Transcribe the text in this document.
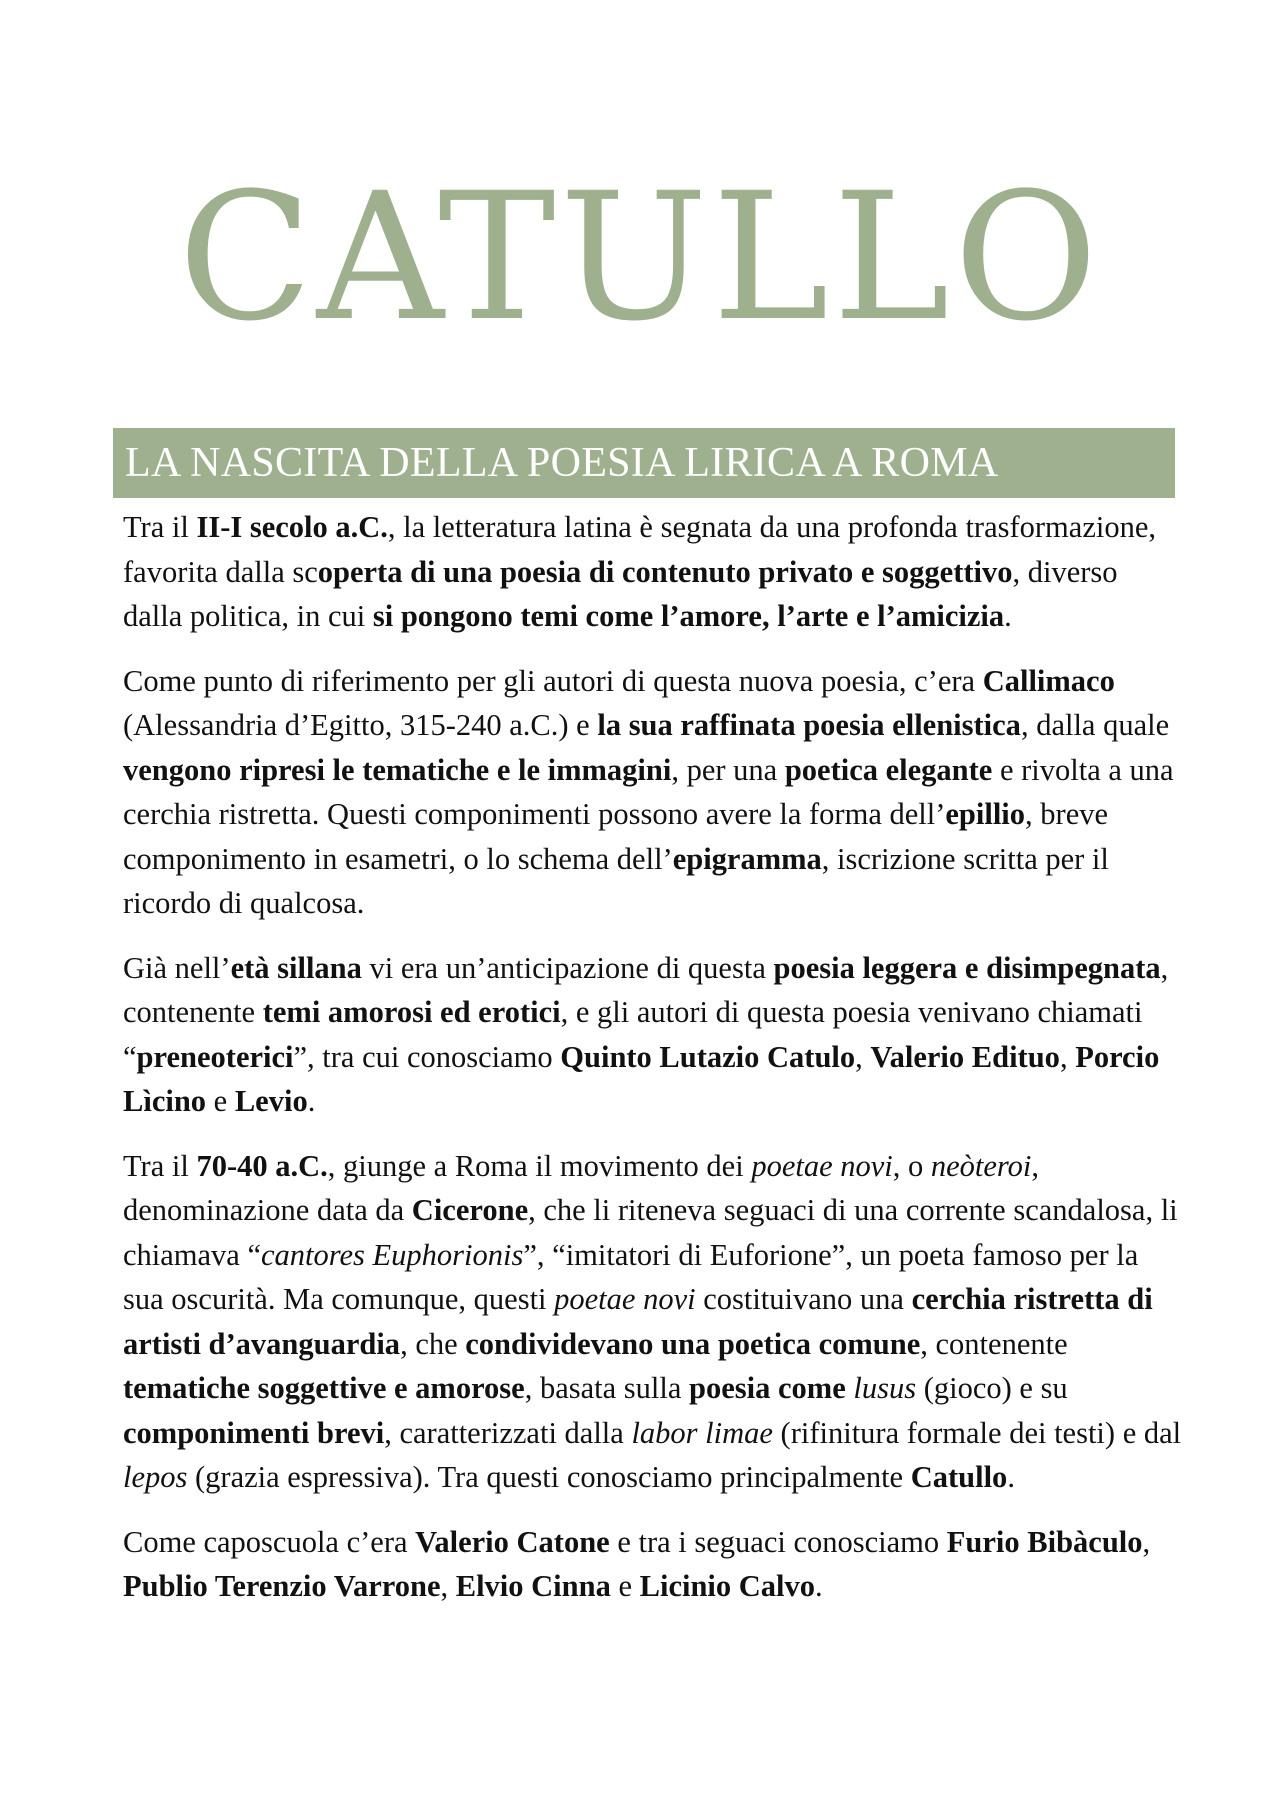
CATULLO
LA NASCITA DELLA POESIA LIRICA A ROMA

Tra il II-I secolo a.C., la letteratura latina è segnata da una profonda trasformazione, favorita dalla scoperta di una poesia di contenuto privato e soggettivo, diverso dalla politica, in cui si pongono temi come l’amore, l’arte e l’amicizia.

Come punto di riferimento per gli autori di questa nuova poesia, c’era Callimaco (Alessandria d’Egitto, 315-240 a.C.) e la sua raffinata poesia ellenistica, dalla quale vengono ripresi le tematiche e le immagini, per una poetica elegante e rivolta a una cerchia ristretta. Questi componimenti possono avere la forma dell’epillio, breve componimento in esametri, o lo schema dell’epigramma, iscrizione scritta per il ricordo di qualcosa.

Già nell’età sillana vi era un’anticipazione di questa poesia leggera e disimpegnata, contenente temi amorosi ed erotici, e gli autori di questa poesia venivano chiamati “preneoterici”, tra cui conosciamo Quinto Lutazio Catulo, Valerio Edituo, Porcio Lìcino e Levio.

Tra il 70-40 a.C., giunge a Roma il movimento dei poetae novi, o neòteroi, denominazione data da Cicerone, che li riteneva seguaci di una corrente scandalosa, li chiamava “cantores Euphorionis”, “imitatori di Euforione”, un poeta famoso per la sua oscurità. Ma comunque, questi poetae novi costituivano una cerchia ristretta di artisti d’avanguardia, che condividevano una poetica comune, contenente tematiche soggettive e amorose, basata sulla poesia come lusus (gioco) e su componimenti brevi, caratterizzati dalla labor limae (rifinitura formale dei testi) e dal lepos (grazia espressiva). Tra questi conosciamo principalmente Catullo.

Come caposcuola c’era Valerio Catone e tra i seguaci conosciamo Furio Bibàculo, Publio Terenzio Varrone, Elvio Cinna e Licinio Calvo.
